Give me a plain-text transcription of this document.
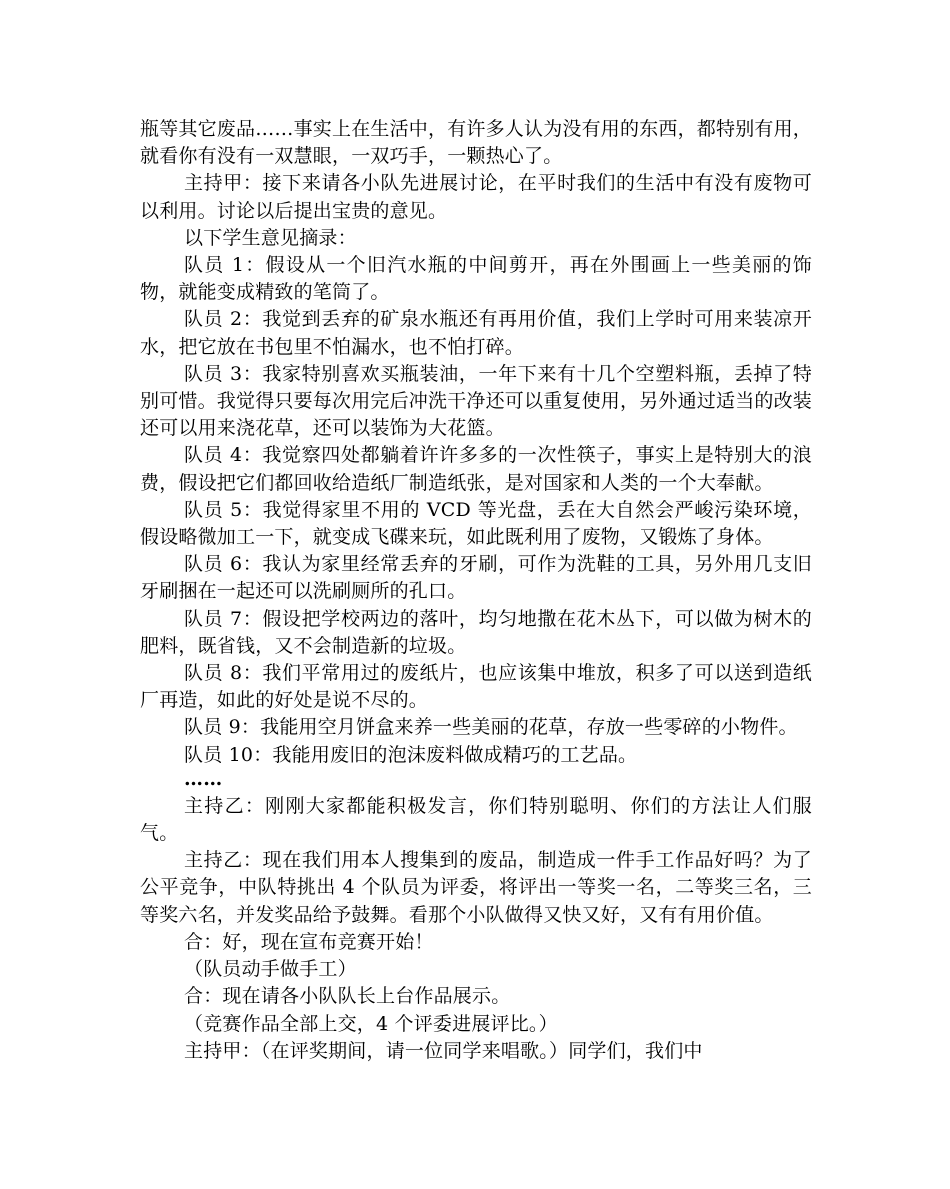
瓶等其它废品……事实上在生活中，有许多人认为没有用的东西，都特别有用，就看你有没有一双慧眼，一双巧手，一颗热心了。

主持甲：接下来请各小队先进展讨论，在平时我们的生活中有没有废物可以利用。讨论以后提出宝贵的意见。

以下学生意见摘录：

队员 1：假设从一个旧汽水瓶的中间剪开，再在外围画上一些美丽的饰物，就能变成精致的笔筒了。

队员 2：我觉到丢弃的矿泉水瓶还有再用价值，我们上学时可用来装凉开水，把它放在书包里不怕漏水，也不怕打碎。

队员 3：我家特别喜欢买瓶装油，一年下来有十几个空塑料瓶，丢掉了特别可惜。我觉得只要每次用完后冲洗干净还可以重复使用，另外通过适当的改装还可以用来浇花草，还可以装饰为大花篮。

队员 4：我觉察四处都躺着许许多多的一次性筷子，事实上是特别大的浪费，假设把它们都回收给造纸厂制造纸张，是对国家和人类的一个大奉献。

队员 5：我觉得家里不用的 VCD 等光盘，丢在大自然会严峻污染环境，假设略微加工一下，就变成飞碟来玩，如此既利用了废物，又锻炼了身体。

队员 6：我认为家里经常丢弃的牙刷，可作为洗鞋的工具，另外用几支旧牙刷捆在一起还可以洗刷厕所的孔口。

队员 7：假设把学校两边的落叶，均匀地撒在花木丛下，可以做为树木的肥料，既省钱，又不会制造新的垃圾。

队员 8：我们平常用过的废纸片，也应该集中堆放，积多了可以送到造纸厂再造，如此的好处是说不尽的。

队员 9：我能用空月饼盒来养一些美丽的花草，存放一些零碎的小物件。

队员 10：我能用废旧的泡沫废料做成精巧的工艺品。

……

主持乙：刚刚大家都能积极发言，你们特别聪明、你们的方法让人们服气。

主持乙：现在我们用本人搜集到的废品，制造成一件手工作品好吗？为了公平竞争，中队特挑出 4 个队员为评委，将评出一等奖一名，二等奖三名，三等奖六名，并发奖品给予鼓舞。看那个小队做得又快又好，又有有用价值。

合：好，现在宣布竞赛开始！

（队员动手做手工）

合：现在请各小队队长上台作品展示。

（竞赛作品全部上交，4 个评委进展评比。）

主持甲：（在评奖期间，请一位同学来唱歌。）同学们，我们中
